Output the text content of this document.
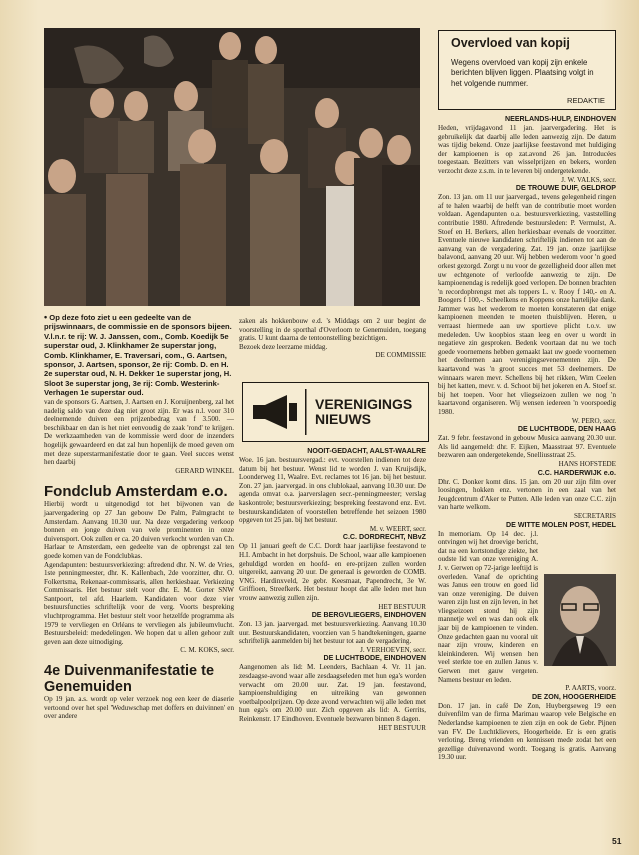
• Op deze foto ziet u een gedeelte van de prijswinnaars, de commissie en de sponsors bijeen. V.l.n.r. te rij: W. J. Janssen, com., Comb. Koedijk 5e superstar oud, J. Klinkhamer 2e superstar jong, Comb. Klinkhamer, E. Traversari, com., G. Aartsen, sponsor, J. Aartsen, sponsor, 2e rij: Comb. D. en H. 2e superstar oud, N. H. Dekker 1e superstar jong, H. Sloot 3e superstar jong, 3e rij: Comb. Westerink-Verhagen 1e superstar oud.

van de sponsors G. Aartsen, J. Aartsen en J. Koruijnenberg, zal het nadelig saldo van deze dag niet groot zijn. Er was n.l. voor 310 deelnemende duiven een prijzenbedrag van f 3.500. — beschikbaar en dan is het niet eenvoudig de zaak 'rond' te krijgen. De werkzaamheden van de kommissie werd door de inzenders hogelijk gewaardeerd en dat zal hun hopenlijk de moed geven om met deze superstarmanifestatie door te gaan. Veel succes wenst hen daarbij

GERARD WINKEL

Fondclub Amsterdam e.o.

Hierbij wordt u uitgenodigd tot het bijwonen van de jaarvergadering op 27 Jan gebouw De Palm, Palmgracht te Amsterdam. Aanvang 10.30 uur. Na deze vergadering verkoop bonnen en jonge duiven van vele prominenten in onze duivensport. Ook zullen er ca. 20 duiven verkocht worden van Ch. Harlaar te Amsterdam, een gedeelte van de opbrengst zal ten goede komen van de Fondclubkas.
Agendapunten: bestuursverkiezing: aftredend dhr. N. W. de Vries, 1ste penningmeester, dhr. K. Kallenbach, 2de voorzitter, dhr. O. Folkertsma, Rekenaar-commissaris, allen herkiesbaar. Verkiezing Commissaris. Het bestuur stelt voor dhr. E. M. Gorter SNW Santpoort, tel afd. Haarlem. Kandidaten voor deze vier bestuursfuncties schriftelijk voor de verg. Voorts bespreking vluchtprogramma. Het bestuur stelt voor hetzelfde programma als 1979 te vervliegen en Orléans te vervliegen als jubileumvlucht. Bestuursbeleid: mededelingen. We hopen dat u allen gehoor zult geven aan deze uitnodiging.

C. M. KOKS, secr.

4e Duivenmanifestatie te Genemuiden

Op 19 jan. a.s. wordt op veler verzoek nog een keer de diaserie vertoond over het spel 'Weduwschap met doffers en duivinnen' en over andere

zaken als hokkenbouw e.d. 's Middags om 2 uur begint de voorstelling in de sporthal d'Overloom te Genemuiden, toegang gratis. U kunt daarna de tentoonstelling bezichtigen.
Bezoek deze leerzame middag.

DE COMMISSIE

VERENIGINGS NIEUWS

NOOIT-GEDACHT, AALST-WAALRE

Woe. 16 jan. bestuursvergad.: evt. voorstellen indienen tot deze datum bij het bestuur. Wenst lid te worden J. van Kruijsdijk, Loonderweg 11, Waalre. Evt. reclames tot 16 jan. bij het bestuur. Zon. 27 jan. jaarvergad. in ons clublokaal, aanvang 10.30 uur. De agenda omvat o.a. jaarverslagen secr.-penningmeester; verslag kaskontrole; bestuursverkiezing; bespreking feestavond enz. Evt. bestuurskandidaten of voorstellen betreffende het seizoen 1980 opgeven tot 25 jan. bij het bestuur.

M. v. WEERT, secr.

C.C. DORDRECHT, NBvZ

Op 11 januari geeft de C.C. Dordt haar jaarlijkse feestavond te H.I. Ambacht in het dorpshuis. De School, waar alle kampioenen gehuldigd worden en hoofd- en ere-prijzen zullen worden uitgereikt, aanvang 20 uur. De generaal is geworden de COMB. VNG. Hardinxveld, 2e gebr. Keesmaat, Papendrecht, 3e W. Griffioen, Streefkerk. Het bestuur hoopt dat alle leden met hun vrouw aanwezig zullen zijn.

HET BESTUUR

DE BERGVLIEGERS, EINDHOVEN

Zon. 13 jan. jaarvergad. met bestuursverkiezing. Aanvang 10.30 uur. Bestuurskandidaten, voorzien van 5 handtekeningen, gaarne schriftelijk aanmelden bij het bestuur tot aan de vergadering.

J. VERHOEVEN, secr.

DE LUCHTBODE, EINDHOVEN

Aangenomen als lid: M. Leenders, Bachlaan 4. Vr. 11 jan. zesdaagse-avond waar alle zesdaagseleden met hun ega's worden verwacht om 20.00 uur. Zat. 19 jan. feestavond, kampioenshuldiging en uitreiking van gewonnen voetbalpoolprijzen. Op deze avond verwachten wij alle leden met hun ega's om 20.00 uur. Zich opgeven als lid: A. Gerrits, Reinkenstr. 17 Eindhoven. Eventuele bezwaren binnen 8 dagen.

HET BESTUUR

Overvloed van kopij
Wegens overvloed van kopij zijn enkele berichten blijven liggen. Plaatsing volgt in het volgende nummer.
REDAKTIE

NEERLANDS-HULP, EINDHOVEN

Heden, vrijdagavond 11 jan. jaarvergadering. Het is gebruikelijk dat daarbij alle leden aanwezig zijn. De datum was tijdig bekend. Onze jaarlijkse feestavond met huldiging der kampioenen is op zat.avond 26 jan. Introducées toegestaan. Bezitters van wisselprijzen en bekers, worden verzocht deze z.s.m. in te leveren bij ondergetekende.

J. W. VALKS, secr.

DE TROUWE DUIF, GELDROP

Zon. 13 jan. om 11 uur jaarvergad., tevens gelegenheid ringen af te halen waarbij de helft van de contributie moet worden voldaan. Agendapunten o.a. bestuursverkiezing, vaststelling contributie 1980. Aftredende bestuursleden: P. Vermulst, A. Stoef en H. Berkers, allen herkiesbaar evenals de voorzitter. Eventuele nieuwe kandidaten schriftelijk indienen tot aan de aanvang van de vergadering. Zat. 19 jan. onze jaarlijkse balavond, aanvang 20 uur. Wij hebben wederom voor 'n goed orkest gezorgd. Zorgt u nu voor de gezelligheid door allen met uw echtgenote of verloofde aanwezig te zijn. De kampioenendag is redelijk goed verlopen. De bonnen brachten 'n recordopbrengst met als toppers L. v. Rooy f 140,- en A. Boogers f 100,-. Scheelkens en Koppens onze hartelijke dank. Jammer was het wederom te moeten konstateren dat enige kampioenen meenden te moeten thuisblijven. Heren, u verraast hiermede aan uw sportieve plicht t.o.v. uw medeleden. Uw koopbios staan leeg en over u wordt in negatieve zin gesproken. Bedenk voortaan dat nu we toch goede voornemens hebben gemaakt laat uw goede voornemen het deelnemen aan verenigingsevenementen zijn. De kaartavond was 'n groot succes met 53 deelnemers. De winnaars waren mevr. Schellens bij het rikken, Wim Ceelen bij het katten, mevr. v. d. Schoot bij het jokeren en A. Stoef sr. bij het toepen. Voor het vliegseizoen zullen we nog 'n kaartavond organiseren. Wij wensen iedereen 'n voorspoedig 1980.

W. PERO, secr.

DE LUCHTBODE, DEN HAAG

Zat. 9 febr. feestavond in gebouw Musica aanvang 20.30 uur. Als lid aangemeld: dhr. F. Eijken, Maasstraat 97. Eventuele bezwaren aan ondergetekende, Snelliusstraat 25.

HANS HOFSTEDE

C.C. HARDERWIJK e.o.

Dhr. C. Donker komt dins. 15 jan. om 20 uur zijn film over loosingen, hokken enz. vertonen in een zaal van het Jeugdcentrum d'Aker te Putten. Alle leden van onze C.C. zijn van harte welkom.

SECRETARIS

DE WITTE MOLEN POST, HEDEL

In memoriam. Op 14 dec. j.l. ontvingen wij het droevige bericht, dat na een kortstondige ziekte, het oudste lid van onze vereniging A. J. v. Gerwen op 72-jarige leeftijd is overleden. Vanaf de oprichting was Janus een trouw en goed lid van onze vereniging. De duiven waren zijn lust en zijn leven, in het vliegseizoen stond hij zijn mannetje wel en was dan ook elk jaar bij de kampioenen te vinden. Onze gedachten gaan nu vooral uit naar zijn vrouw, kinderen en kleinkinderen. Wij wensen hen veel sterkte toe en zullen Janus v. Gerwen met gauw vergeten. Namens bestuur en leden.

P. AARTS, voorz.

DE ZON, HOOGERHEIDE

Don. 17 jan. in café De Zon, Huybergseweg 19 een duivenfilm van de firma Marimau waarop vele Belgische en Nederlandse kampioenen te zien zijn en ook de Gebr. Pijnen van FV. De Luchtklievers, Hoogerheide. Er is een gratis verloting. Breng vrienden en kennissen mede zodat het een gezellige duivenavond wordt. Toegang is gratis. Aanvang 19.30 uur.

51
